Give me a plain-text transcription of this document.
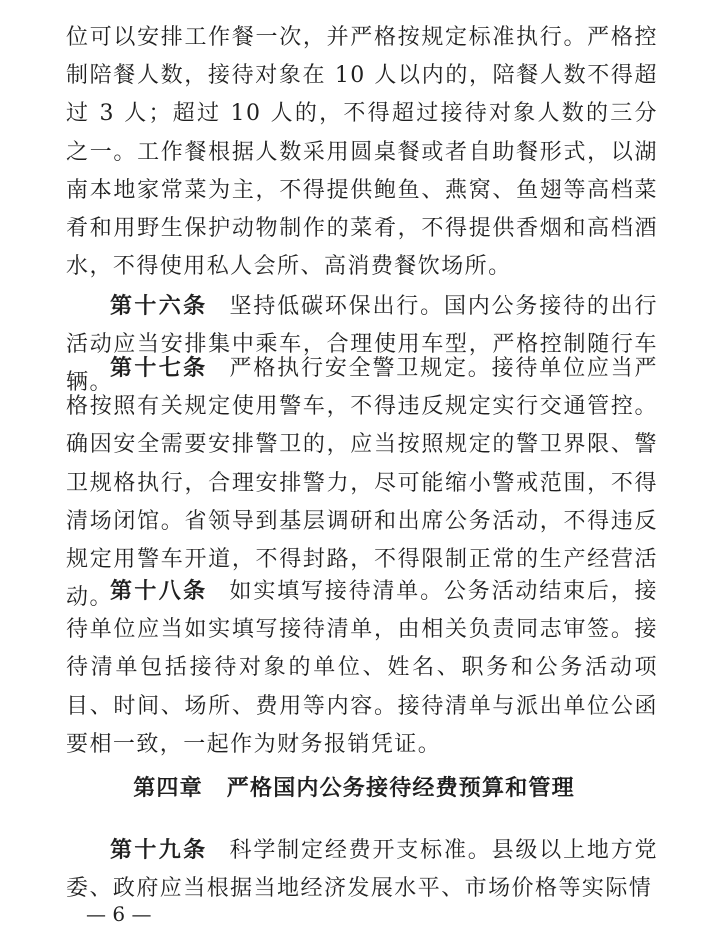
位可以安排工作餐一次，并严格按规定标准执行。严格控制陪餐人数，接待对象在 10 人以内的，陪餐人数不得超过 3 人；超过 10 人的，不得超过接待对象人数的三分之一。工作餐根据人数采用圆桌餐或者自助餐形式，以湖南本地家常菜为主，不得提供鲍鱼、燕窝、鱼翅等高档菜肴和用野生保护动物制作的菜肴，不得提供香烟和高档酒水，不得使用私人会所、高消费餐饮场所。

第十六条 坚持低碳环保出行。国内公务接待的出行活动应当安排集中乘车，合理使用车型，严格控制随行车辆。

第十七条 严格执行安全警卫规定。接待单位应当严格按照有关规定使用警车，不得违反规定实行交通管控。确因安全需要安排警卫的，应当按照规定的警卫界限、警卫规格执行，合理安排警力，尽可能缩小警戒范围，不得清场闭馆。省领导到基层调研和出席公务活动，不得违反规定用警车开道，不得封路，不得限制正常的生产经营活动。

第十八条 如实填写接待清单。公务活动结束后，接待单位应当如实填写接待清单，由相关负责同志审签。接待清单包括接待对象的单位、姓名、职务和公务活动项目、时间、场所、费用等内容。接待清单与派出单位公函要相一致，一起作为财务报销凭证。

第四章 严格国内公务接待经费预算和管理

第十九条 科学制定经费开支标准。县级以上地方党委、政府应当根据当地经济发展水平、市场价格等实际情

— 6 —
